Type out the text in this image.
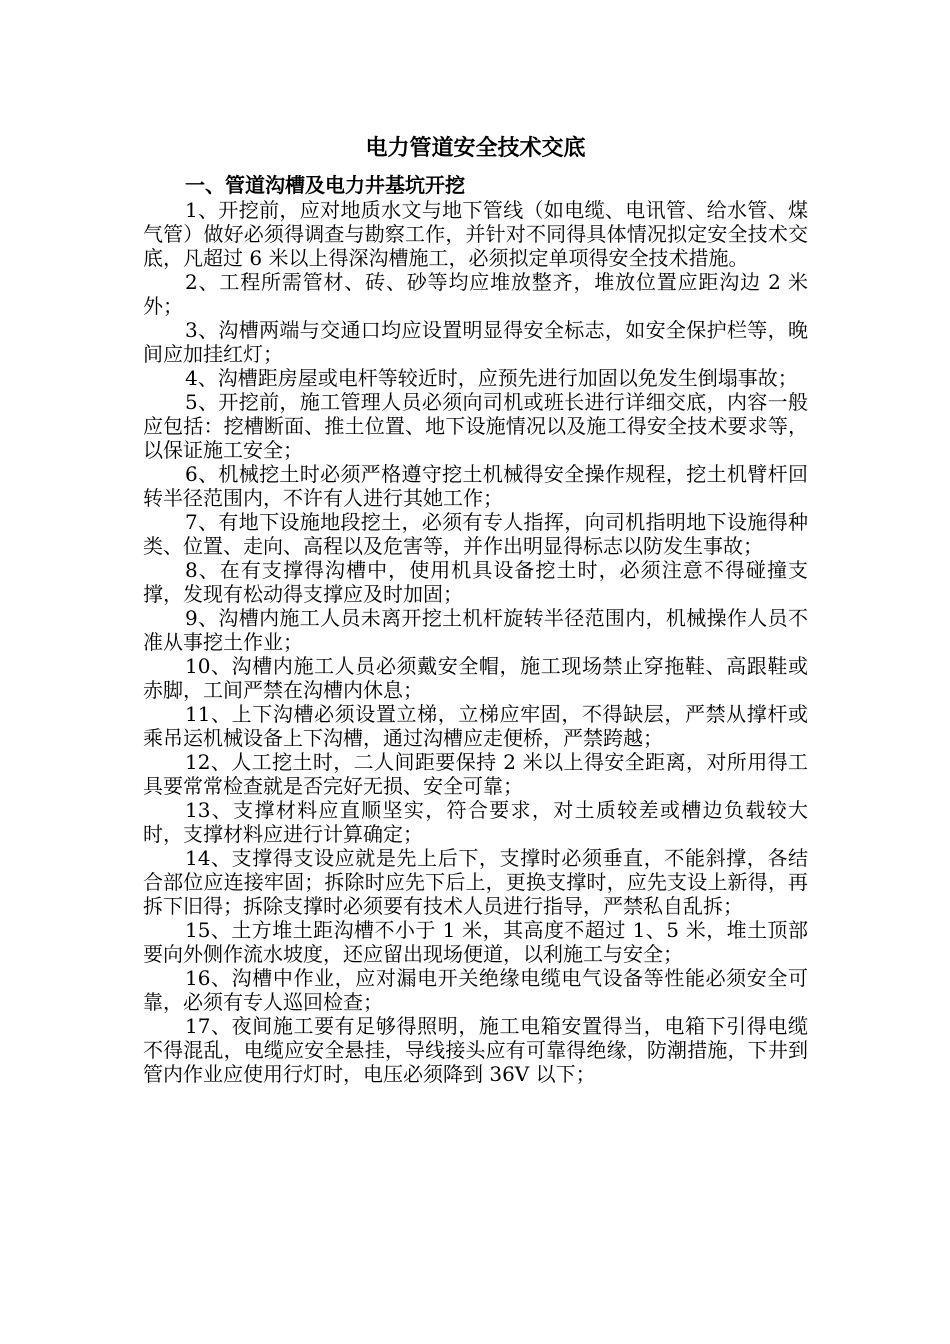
电力管道安全技术交底
一、管道沟槽及电力井基坑开挖

1、开挖前，应对地质水文与地下管线（如电缆、电讯管、给水管、煤气管）做好必须得调查与勘察工作，并针对不同得具体情况拟定安全技术交底，凡超过 6 米以上得深沟槽施工，必须拟定单项得安全技术措施。

2、工程所需管材、砖、砂等均应堆放整齐，堆放位置应距沟边 2 米外；

3、沟槽两端与交通口均应设置明显得安全标志，如安全保护栏等，晚间应加挂红灯；

4、沟槽距房屋或电杆等较近时，应预先进行加固以免发生倒塌事故；

5、开挖前，施工管理人员必须向司机或班长进行详细交底，内容一般应包括：挖槽断面、推土位置、地下设施情况以及施工得安全技术要求等，以保证施工安全；

6、机械挖土时必须严格遵守挖土机械得安全操作规程，挖土机臂杆回转半径范围内，不许有人进行其她工作；

7、有地下设施地段挖土，必须有专人指挥，向司机指明地下设施得种类、位置、走向、高程以及危害等，并作出明显得标志以防发生事故；

8、在有支撑得沟槽中，使用机具设备挖土时，必须注意不得碰撞支撑，发现有松动得支撑应及时加固；

9、沟槽内施工人员未离开挖土机杆旋转半径范围内，机械操作人员不准从事挖土作业；

10、沟槽内施工人员必须戴安全帽，施工现场禁止穿拖鞋、高跟鞋或赤脚，工间严禁在沟槽内休息；

11、上下沟槽必须设置立梯，立梯应牢固，不得缺层，严禁从撑杆或乘吊运机械设备上下沟槽，通过沟槽应走便桥，严禁跨越；

12、人工挖土时，二人间距要保持 2 米以上得安全距离，对所用得工具要常常检查就是否完好无损、安全可靠；

13、支撑材料应直顺坚实，符合要求，对土质较差或槽边负载较大时，支撑材料应进行计算确定；

14、支撑得支设应就是先上后下，支撑时必须垂直，不能斜撑，各结合部位应连接牢固；拆除时应先下后上，更换支撑时，应先支设上新得，再拆下旧得；拆除支撑时必须要有技术人员进行指导，严禁私自乱拆；

15、土方堆土距沟槽不小于 1 米，其高度不超过 1、5 米，堆土顶部要向外侧作流水坡度，还应留出现场便道，以利施工与安全；

16、沟槽中作业，应对漏电开关绝缘电缆电气设备等性能必须安全可靠，必须有专人巡回检查；

17、夜间施工要有足够得照明，施工电箱安置得当，电箱下引得电缆不得混乱，电缆应安全悬挂，导线接头应有可靠得绝缘，防潮措施，下井到管内作业应使用行灯时，电压必须降到 36V 以下；
